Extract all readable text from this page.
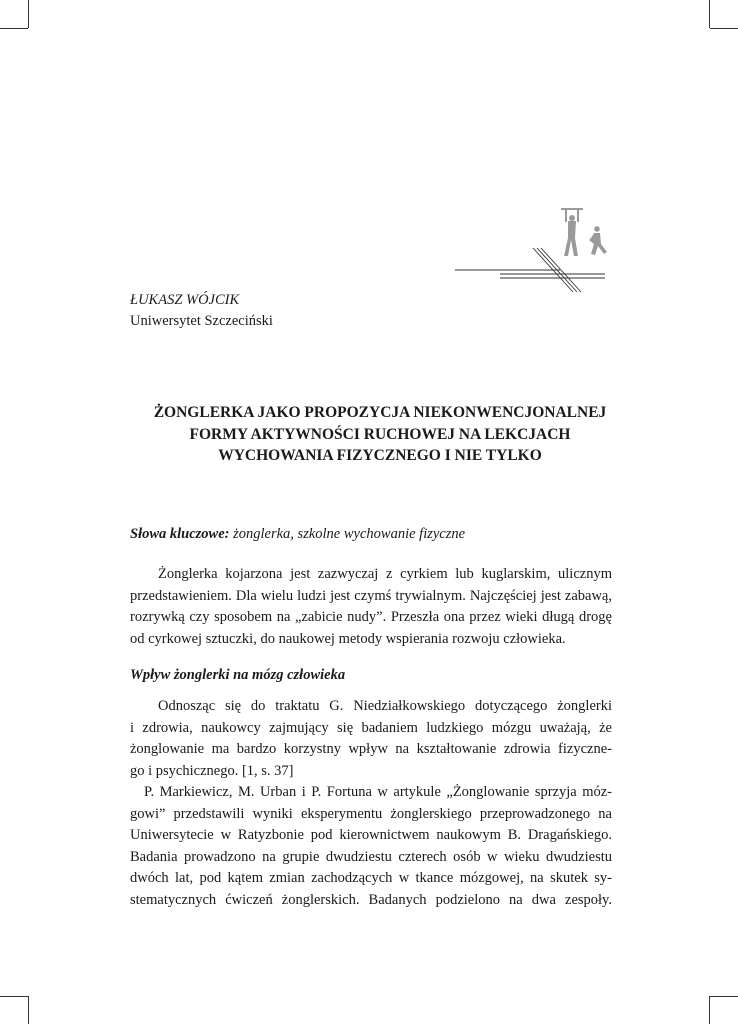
ŁUKASZ WÓJCIK
Uniwersytet Szczeciński
ŻONGLERKA JAKO PROPOZYCJA NIEKONWENCJONALNEJ
FORMY AKTYWNOŚCI RUCHOWEJ NA LEKCJACH
WYCHOWANIA FIZYCZNEGO I NIE TYLKO
Słowa kluczowe: żonglerka, szkolne wychowanie fizyczne
Żonglerka kojarzona jest zazwyczaj z cyrkiem lub kuglarskim, ulicznym
przedstawieniem. Dla wielu ludzi jest czymś trywialnym. Najczęściej jest zabawą,
rozrywką czy sposobem na „zabicie nudy”. Przeszła ona przez wieki długą drogę
od cyrkowej sztuczki, do naukowej metody wspierania rozwoju człowieka.
Wpływ żonglerki na mózg człowieka
Odnosząc się do traktatu G. Niedziałkowskiego dotyczącego żonglerki
i zdrowia, naukowcy zajmujący się badaniem ludzkiego mózgu uważają, że
żonglowanie ma bardzo korzystny wpływ na kształtowanie zdrowia fizyczne-
go i psychicznego. [1, s. 37]
P. Markiewicz, M. Urban i P. Fortuna w artykule „Żonglowanie sprzyja móz-
gowi” przedstawili wyniki eksperymentu żonglerskiego przeprowadzonego na
Uniwersytecie w Ratyzbonie pod kierownictwem naukowym B. Dragańskiego.
Badania prowadzono na grupie dwudziestu czterech osób w wieku dwudziestu
dwóch lat, pod kątem zmian zachodzących w tkance mózgowej, na skutek sy-
stematycznych ćwiczeń żonglerskich. Badanych podzielono na dwa zespoły.
